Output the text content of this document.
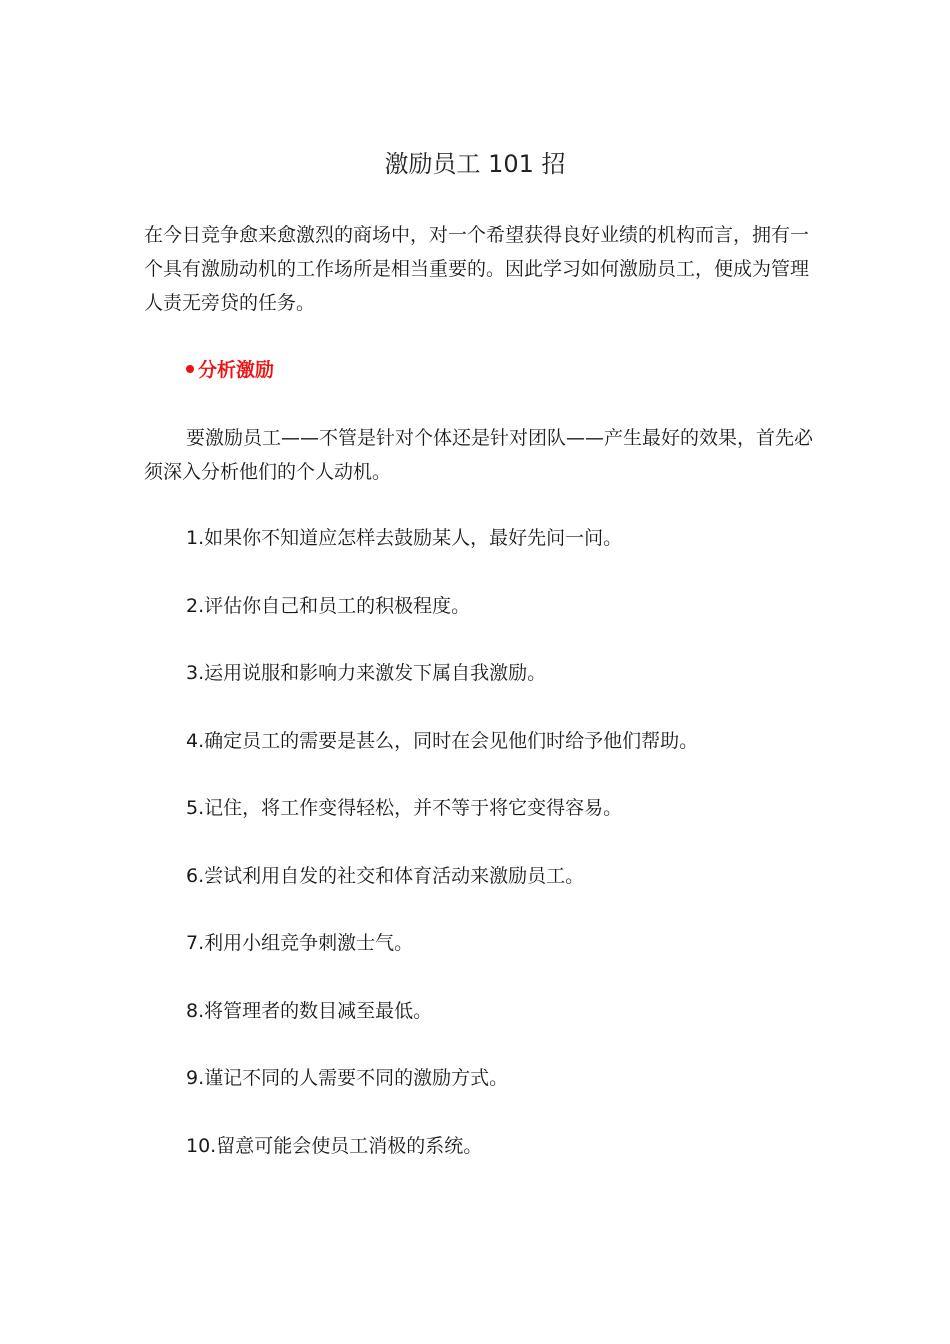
激励员工 101 招

在今日竞争愈来愈激烈的商场中，对一个希望获得良好业绩的机构而言，拥有一个具有激励动机的工作场所是相当重要的。因此学习如何激励员工，便成为管理人责无旁贷的任务。

分析激励

要激励员工——不管是针对个体还是针对团队——产生最好的效果，首先必须深入分析他们的个人动机。

1.如果你不知道应怎样去鼓励某人，最好先问一问。

2.评估你自己和员工的积极程度。

3.运用说服和影响力来激发下属自我激励。

4.确定员工的需要是甚么，同时在会见他们时给予他们帮助。

5.记住，将工作变得轻松，并不等于将它变得容易。

6.尝试利用自发的社交和体育活动来激励员工。

7.利用小组竞争刺激士气。

8.将管理者的数目减至最低。

9.谨记不同的人需要不同的激励方式。

10.留意可能会使员工消极的系统。
